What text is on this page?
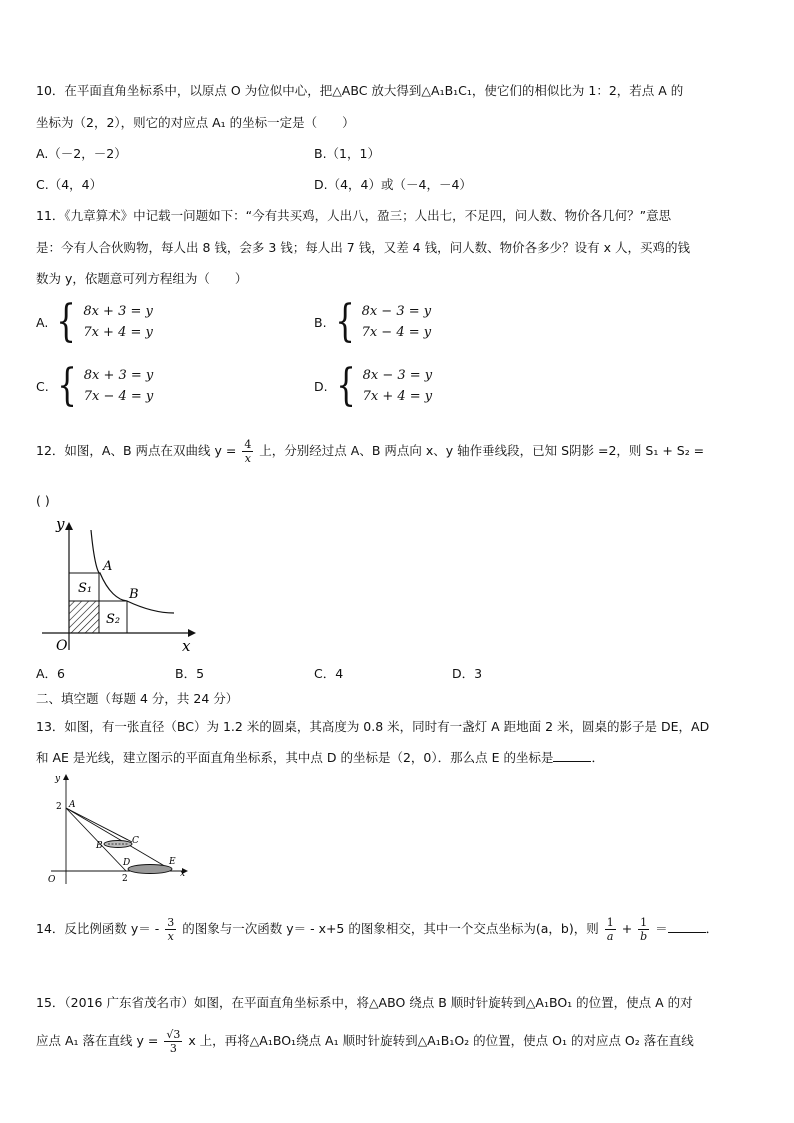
10．在平面直角坐标系中，以原点 O 为位似中心，把△ABC 放大得到△A₁B₁C₁，使它们的相似比为 1：2，若点 A 的
坐标为（2，2），则它的对应点 A₁ 的坐标一定是（　　）
A.（－2，－2）	B.（1，1）
C.（4，4）	D.（4，4）或（－4，－4）
11．《九章算术》中记载一问题如下：“今有共买鸡，人出八，盈三；人出七，不足四，问人数、物价各几何？”意思
是：今有人合伙购物，每人出 8 钱，会多 3 钱；每人出 7 钱，又差 4 钱，问人数、物价各多少？设有 x 人，买鸡的钱
数为 y，依题意可列方程组为（　　）
A. { 8x + 3 = y
7x + 4 = y
B. { 8x − 3 = y
7x − 4 = y
C. { 8x + 3 = y
7x − 4 = y
D. { 8x − 3 = y
7x + 4 = y
12．如图，A、B 两点在双曲线 $y = \frac{4}{x}$ 上，分别经过点 A、B 两点向 x、y 轴作垂线段，已知 S阴影 =2，则 S₁ + S₂ =
( )
y
x
O
A
B
S₁
S₂
A．6	B．5	C．4	D．3
二、填空题（每题 4 分，共 24 分）
13．如图，有一张直径（BC）为 1.2 米的圆桌，其高度为 0.8 米，同时有一盏灯 A 距地面 2 米，圆桌的影子是 DE，AD
和 AE 是光线，建立图示的平面直角坐标系，其中点 D 的坐标是（2，0）．那么点 E 的坐标是	．
y
x
O
2
2
A
B	C
D	E
14．反比例函数 $y= - \frac{3}{x}$ 的图象与一次函数 y＝ - x+5 的图象相交，其中一个交点坐标为(a，b)，则 $\frac{1}{a} + \frac{1}{b}$ ＝	．
15．（2016 广东省茂名市）如图，在平面直角坐标系中，将△ABO 绕点 B 顺时针旋转到△A₁BO₁ 的位置，使点 A 的对
应点 A₁ 落在直线 $y = \frac{√3}{3}$ x 上，再将△A₁BO₁绕点 A₁ 顺时针旋转到△A₁B₁O₂ 的位置，使点 O₁ 的对应点 O₂ 落在直线
